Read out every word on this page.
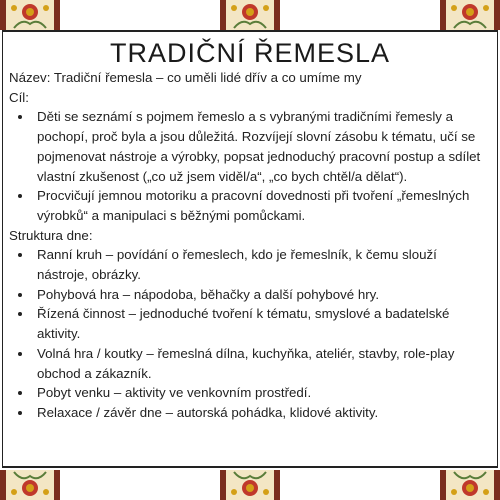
TRADIČNÍ ŘEMESLA

Název: Tradiční řemesla – co uměli lidé dřív a co umíme my

Cíl:

• Děti se seznámí s pojmem řemeslo a s vybranými tradičními řemesly a pochopí, proč byla a jsou důležitá. Rozvíjejí slovní zásobu k tématu, učí se pojmenovat nástroje a výrobky, popsat jednoduchý pracovní postup a sdílet vlastní zkušenost („co už jsem viděl/a“, „co bych chtěl/a dělat“).
• Procvičují jemnou motoriku a pracovní dovednosti při tvoření „řemeslných výrobků“ a manipulaci s běžnými pomůckami.

Struktura dne:

• Ranní kruh – povídání o řemeslech, kdo je řemeslník, k čemu slouží nástroje, obrázky.
• Pohybová hra – nápodoba, běhačky a další pohybové hry.
• Řízená činnost – jednoduché tvoření k tématu, smyslové a badatelské aktivity.
• Volná hra / koutky – řemeslná dílna, kuchyňka, ateliér, stavby, role-play obchod a zákazník.
• Pobyt venku – aktivity ve venkovním prostředí.
• Relaxace / závěr dne – autorská pohádka, klidové aktivity.
